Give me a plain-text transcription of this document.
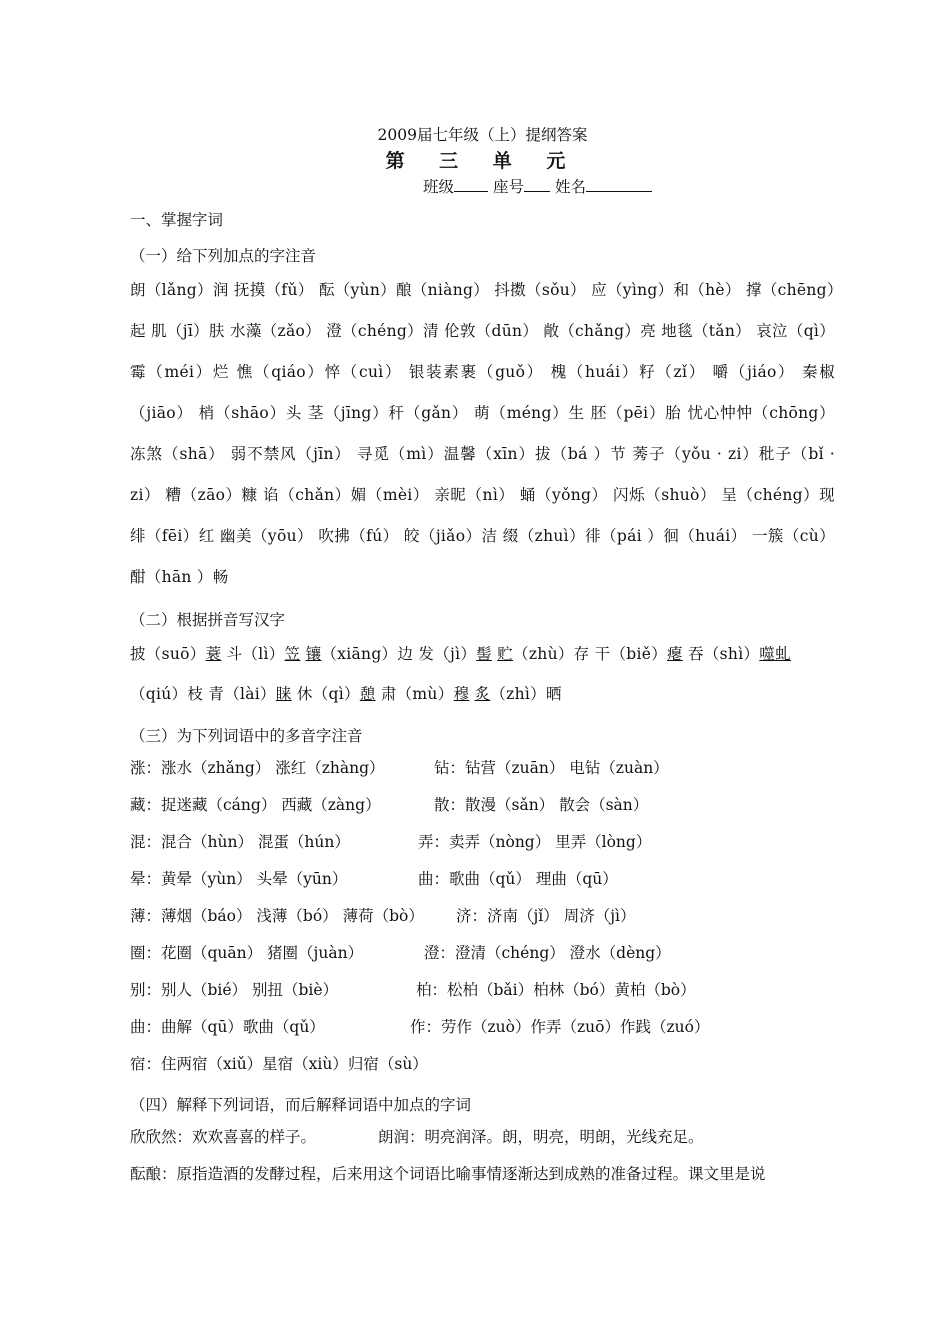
2009届七年级（上）提纲答案
第 三 单 元
班级	座号 姓名
一、掌握字词
（一）给下列加点的字注音
朗（lǎng）润 抚摸（fǔ） 酝（yùn）酿（niàng） 抖擞（sǒu） 应（yìng）和（hè） 撑（chēng）起 肌（jī）肤 水藻（zǎo） 澄（chéng）清 伦敦（dūn） 敞（chǎng）亮 地毯（tǎn） 哀泣（qì） 霉（méi）烂 憔（qiáo）悴（cuì） 银装素裹（guǒ） 槐（huái）籽（zǐ） 嚼（jiáo） 秦椒（jiāo） 梢（shāo）头 茎（jīng）秆（gǎn） 萌（méng）生 胚（pēi）胎 忧心忡忡（chōng） 冻煞（shā） 弱不禁风（jīn） 寻觅（mì）温馨（xīn）拔（bá ）节 莠子（yǒu · zi）秕子（bǐ · zi） 糟（zāo）糠 谄（chǎn）媚（mèi） 亲昵（nì） 蛹（yǒng） 闪烁（shuò） 呈（chéng）现 绯（fēi）红 幽美（yōu） 吹拂（fú） 皎（jiǎo）洁 缀（zhuì）徘（pái ）徊（huái） 一簇（cù） 酣（hān ）畅
（二）根据拼音写汉字
披（suō）蓑 斗（lì）笠 镶（xiāng）边 发（jì）髻 贮（zhù）存 干（biě）瘪 吞（shì）噬虬（qiú）枝 青（lài）睐 休（qì）憩 肃（mù）穆 炙（zhì）晒
（三）为下列词语中的多音字注音
涨：涨水（zhǎng） 涨红（zhàng）	钻：钻营（zuān） 电钻（zuàn）
藏：捉迷藏（cáng） 西藏（zàng）	散：散漫（sǎn） 散会（sàn）
混：混合（hùn） 混蛋（hún）	弄：卖弄（nòng） 里弄（lòng）
晕：黄晕（yùn） 头晕（yūn）	曲：歌曲（qǔ） 理曲（qū）
薄：薄烟（báo） 浅薄（bó） 薄荷（bò） 济：济南（jǐ） 周济（jì）
圈：花圈（quān） 猪圈（juàn）	澄：澄清（chéng） 澄水（dèng）
别：别人（bié） 别扭（biè）	柏：松柏（bǎi）柏林（bó）黄柏（bò）
曲：曲解（qū）歌曲（qǔ）	作：劳作（zuò）作弄（zuō）作践（zuó）
宿：住两宿（xiǔ）星宿（xiù）归宿（sù）
（四）解释下列词语，而后解释词语中加点的字词
欣欣然：欢欢喜喜的样子。	朗润：明亮润泽。朗，明亮，明朗，光线充足。
酝酿：原指造酒的发酵过程，后来用这个词语比喻事情逐渐达到成熟的准备过程。课文里是说
